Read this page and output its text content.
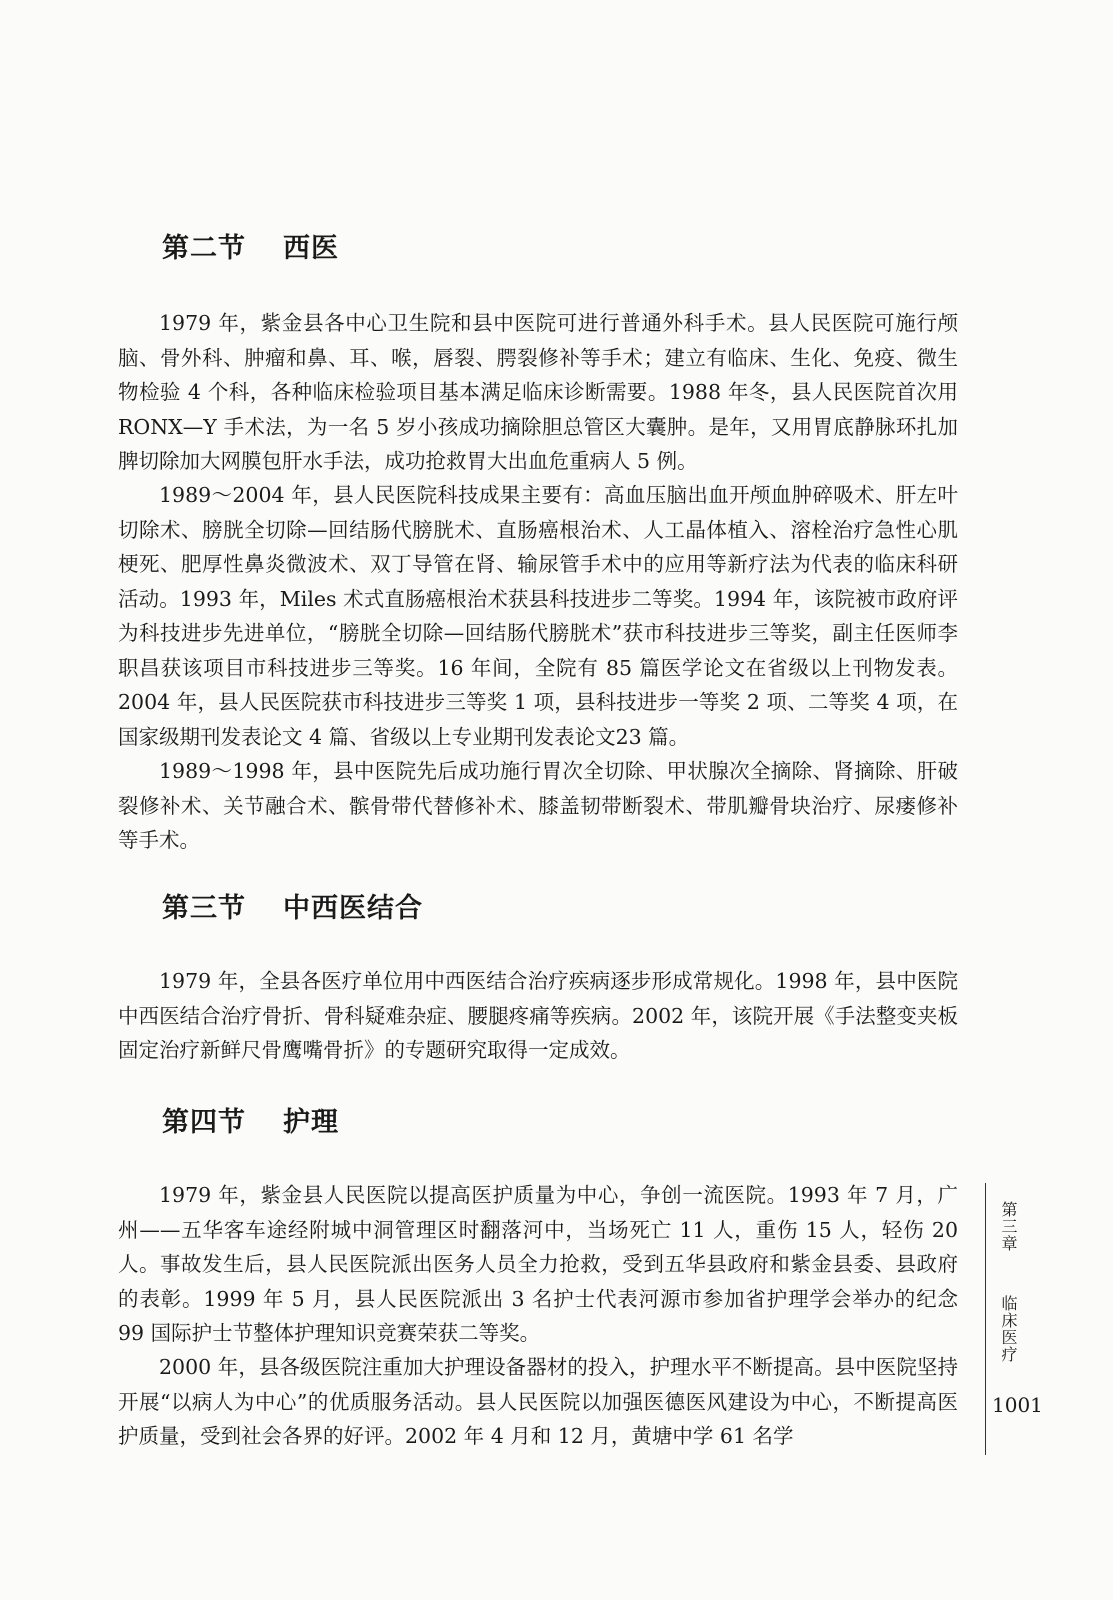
第二节 西医

1979 年，紫金县各中心卫生院和县中医院可进行普通外科手术。县人民医院可施行颅脑、骨外科、肿瘤和鼻、耳、喉，唇裂、腭裂修补等手术；建立有临床、生化、免疫、微生物检验 4 个科，各种临床检验项目基本满足临床诊断需要。1988 年冬，县人民医院首次用 RONX—Y 手术法，为一名 5 岁小孩成功摘除胆总管区大囊肿。是年，又用胃底静脉环扎加脾切除加大网膜包肝水手法，成功抢救胃大出血危重病人 5 例。

1989～2004 年，县人民医院科技成果主要有：高血压脑出血开颅血肿碎吸术、肝左叶切除术、膀胱全切除—回结肠代膀胱术、直肠癌根治术、人工晶体植入、溶栓治疗急性心肌梗死、肥厚性鼻炎微波术、双丁导管在肾、输尿管手术中的应用等新疗法为代表的临床科研活动。1993 年，Miles 术式直肠癌根治术获县科技进步二等奖。1994 年，该院被市政府评为科技进步先进单位，“膀胱全切除—回结肠代膀胱术”获市科技进步三等奖，副主任医师李职昌获该项目市科技进步三等奖。16 年间，全院有 85 篇医学论文在省级以上刊物发表。2004 年，县人民医院获市科技进步三等奖 1 项，县科技进步一等奖 2 项、二等奖 4 项，在国家级期刊发表论文 4 篇、省级以上专业期刊发表论文23 篇。

1989～1998 年，县中医院先后成功施行胃次全切除、甲状腺次全摘除、肾摘除、肝破裂修补术、关节融合术、髌骨带代替修补术、膝盖韧带断裂术、带肌瓣骨块治疗、尿瘘修补等手术。

第三节 中西医结合

1979 年，全县各医疗单位用中西医结合治疗疾病逐步形成常规化。1998 年，县中医院中西医结合治疗骨折、骨科疑难杂症、腰腿疼痛等疾病。2002 年，该院开展《手法整变夹板固定治疗新鲜尺骨鹰嘴骨折》的专题研究取得一定成效。

第四节 护理

1979 年，紫金县人民医院以提高医护质量为中心，争创一流医院。1993 年 7 月，广州——五华客车途经附城中洞管理区时翻落河中，当场死亡 11 人，重伤 15 人，轻伤 20 人。事故发生后，县人民医院派出医务人员全力抢救，受到五华县政府和紫金县委、县政府的表彰。1999 年 5 月，县人民医院派出 3 名护士代表河源市参加省护理学会举办的纪念 99 国际护士节整体护理知识竞赛荣获二等奖。

2000 年，县各级医院注重加大护理设备器材的投入，护理水平不断提高。县中医院坚持开展“以病人为中心”的优质服务活动。县人民医院以加强医德医风建设为中心，不断提高医护质量，受到社会各界的好评。2002 年 4 月和 12 月，黄塘中学 61 名学

第三章
临床医疗
1001
